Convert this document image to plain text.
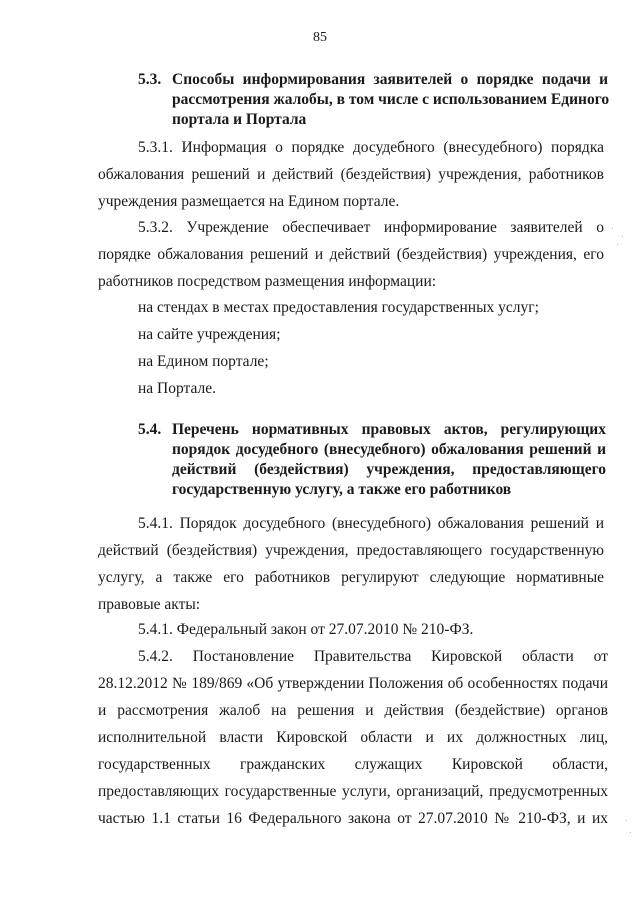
85
5.3. Способы информирования заявителей о порядке подачи и
рассмотрения жалобы, в том числе с использованием Единого
портала и Портала
5.3.1. Информация о порядке досудебного (внесудебного) порядка
обжалования решений и действий (бездействия) учреждения, работников
учреждения размещается на Едином портале.
5.3.2. Учреждение обеспечивает информирование заявителей о
порядке обжалования решений и действий (бездействия) учреждения, его
работников посредством размещения информации:
на стендах в местах предоставления государственных услуг;
на сайте учреждения;
на Едином портале;
на Портале.
5.4. Перечень нормативных правовых актов, регулирующих
порядок досудебного (внесудебного) обжалования решений и
действий (бездействия) учреждения, предоставляющего
государственную услугу, а также его работников
5.4.1. Порядок досудебного (внесудебного) обжалования решений и
действий (бездействия) учреждения, предоставляющего государственную
услугу, а также его работников регулируют следующие нормативные
правовые акты:
5.4.1. Федеральный закон от 27.07.2010 № 210-ФЗ.
5.4.2. Постановление Правительства Кировской области от
28.12.2012 № 189/869 «Об утверждении Положения об особенностях подачи
и рассмотрения жалоб на решения и действия (бездействие) органов
исполнительной власти Кировской области и их должностных лиц,
государственных гражданских служащих Кировской области,
предоставляющих государственные услуги, организаций, предусмотренных
частью 1.1 статьи 16 Федерального закона от 27.07.2010 № 210-ФЗ, и их
